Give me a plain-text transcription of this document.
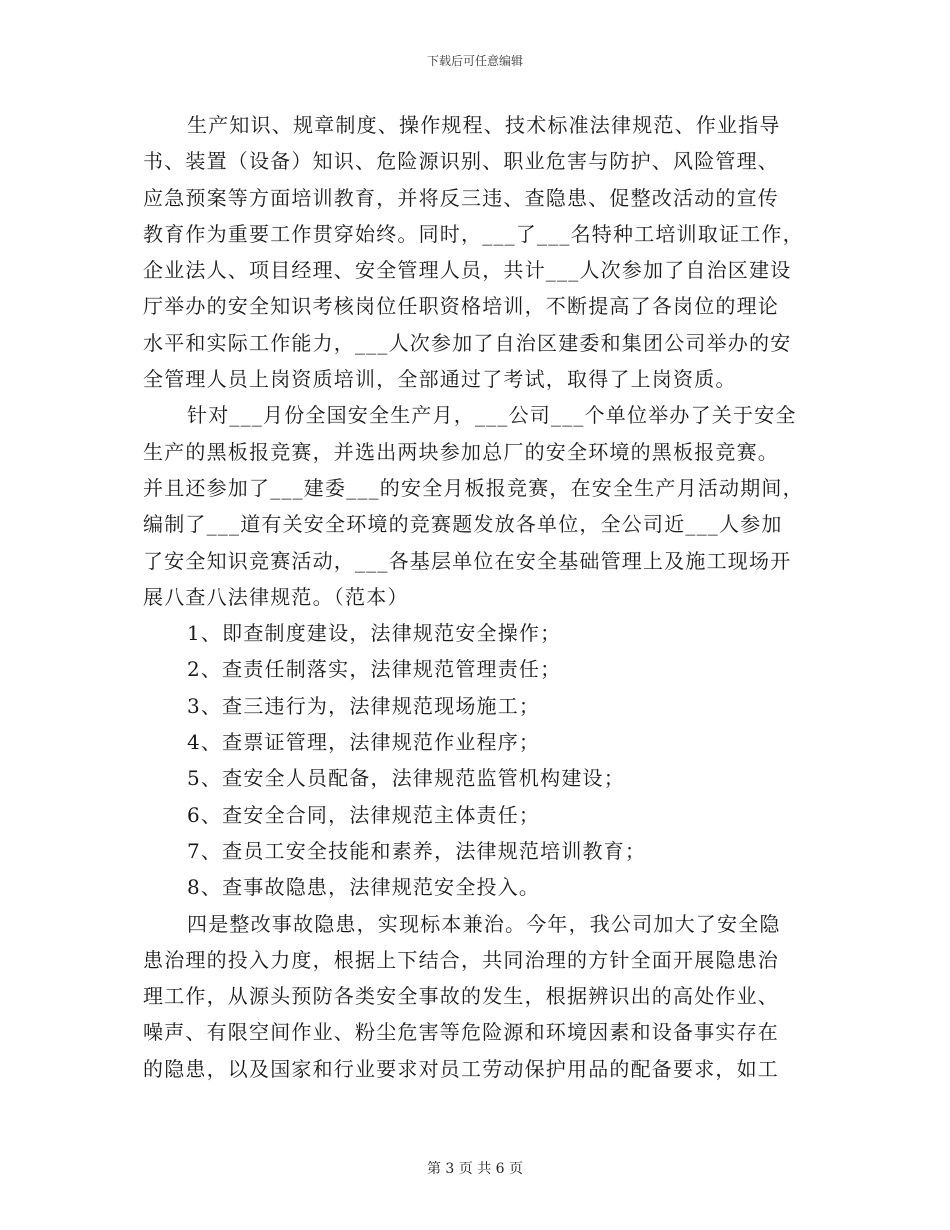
下载后可任意编辑
生产知识、规章制度、操作规程、技术标准法律规范、作业指导
书、装置（设备）知识、危险源识别、职业危害与防护、风险管理、
应急预案等方面培训教育，并将反三违、查隐患、促整改活动的宣传
教育作为重要工作贯穿始终。同时，___了___名特种工培训取证工作，
企业法人、项目经理、安全管理人员，共计___人次参加了自治区建设
厅举办的安全知识考核岗位任职资格培训，不断提高了各岗位的理论
水平和实际工作能力，___人次参加了自治区建委和集团公司举办的安
全管理人员上岗资质培训，全部通过了考试，取得了上岗资质。
针对___月份全国安全生产月，___公司___个单位举办了关于安全
生产的黑板报竞赛，并选出两块参加总厂的安全环境的黑板报竞赛。
并且还参加了___建委___的安全月板报竞赛，在安全生产月活动期间，
编制了___道有关安全环境的竞赛题发放各单位，全公司近___人参加
了安全知识竞赛活动，___各基层单位在安全基础管理上及施工现场开
展八查八法律规范。（范本）
1、即查制度建设，法律规范安全操作；
2、查责任制落实，法律规范管理责任；
3、查三违行为，法律规范现场施工；
4、查票证管理，法律规范作业程序；
5、查安全人员配备，法律规范监管机构建设；
6、查安全合同，法律规范主体责任；
7、查员工安全技能和素养，法律规范培训教育；
8、查事故隐患，法律规范安全投入。
四是整改事故隐患，实现标本兼治。今年，我公司加大了安全隐
患治理的投入力度，根据上下结合，共同治理的方针全面开展隐患治
理工作，从源头预防各类安全事故的发生，根据辨识出的高处作业、
噪声、有限空间作业、粉尘危害等危险源和环境因素和设备事实存在
的隐患，以及国家和行业要求对员工劳动保护用品的配备要求，如工
第 3 页 共 6 页
